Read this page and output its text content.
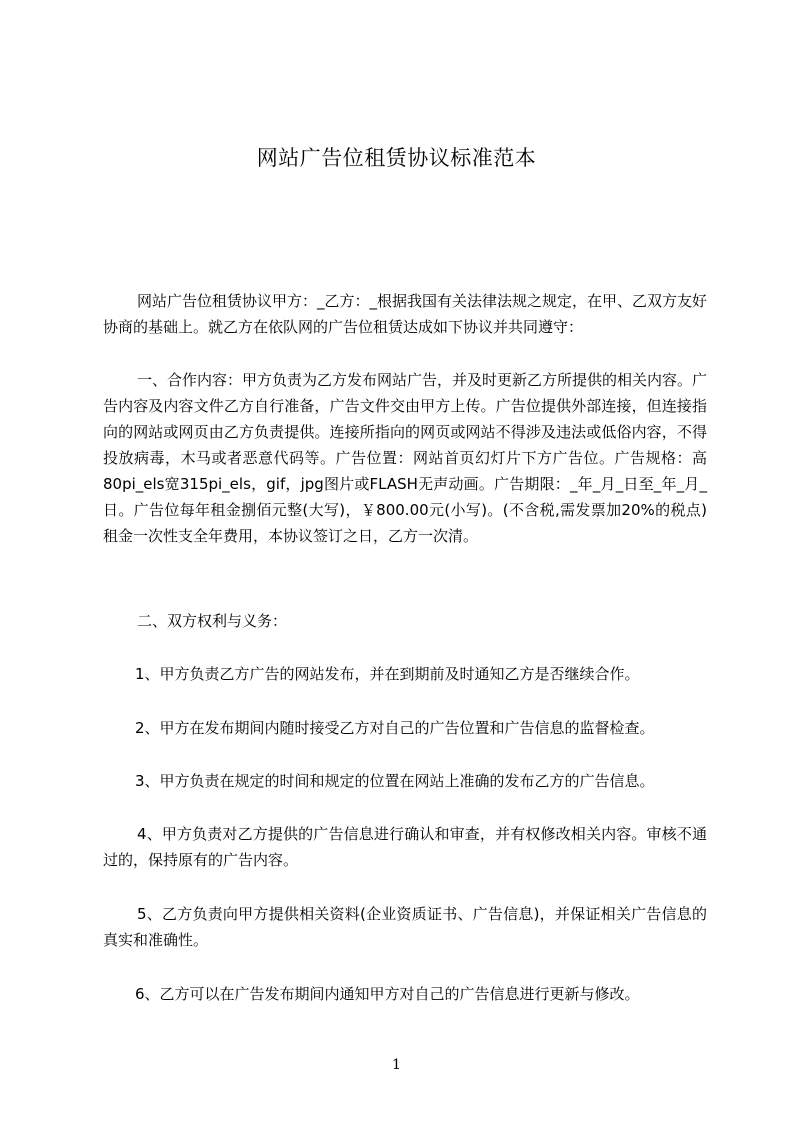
网站广告位租赁协议标准范本

网站广告位租赁协议甲方：_乙方：_根据我国有关法律法规之规定，在甲、乙双方友好协商的基础上。就乙方在依队网的广告位租赁达成如下协议并共同遵守：

一、合作内容：甲方负责为乙方发布网站广告，并及时更新乙方所提供的相关内容。广告内容及内容文件乙方自行准备，广告文件交由甲方上传。广告位提供外部连接，但连接指向的网站或网页由乙方负责提供。连接所指向的网页或网站不得涉及违法或低俗内容，不得投放病毒，木马或者恶意代码等。广告位置：网站首页幻灯片下方广告位。广告规格：高80pi_els宽315pi_els，gif，jpg图片或FLASH无声动画。广告期限：_年_月_日至_年_月_日。广告位每年租金捌佰元整(大写)，￥800.00元(小写)。(不含税,需发票加20%的税点)租金一次性支全年费用，本协议签订之日，乙方一次清。

二、双方权利与义务：

1、甲方负责乙方广告的网站发布，并在到期前及时通知乙方是否继续合作。

2、甲方在发布期间内随时接受乙方对自己的广告位置和广告信息的监督检查。

3、甲方负责在规定的时间和规定的位置在网站上准确的发布乙方的广告信息。

4、甲方负责对乙方提供的广告信息进行确认和审查，并有权修改相关内容。审核不通过的，保持原有的广告内容。

5、乙方负责向甲方提供相关资料(企业资质证书、广告信息)，并保证相关广告信息的真实和准确性。

6、乙方可以在广告发布期间内通知甲方对自己的广告信息进行更新与修改。

1
